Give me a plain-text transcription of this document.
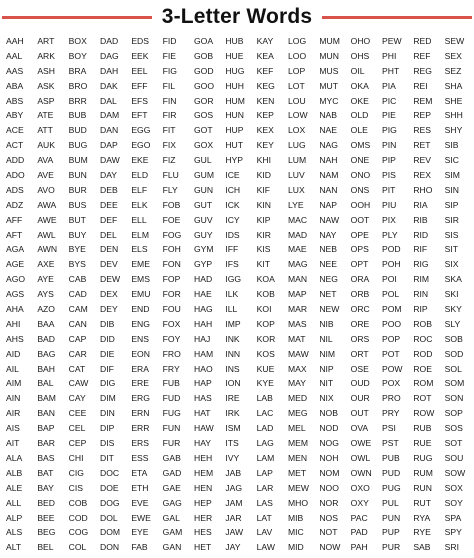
3-Letter Words
AAH
AAL
AAS
ABA
ABS
ABY
ACE
ACT
ADD
ADO
ADS
ADZ
AFF
AFT
AGA
AGE
AGO
AGS
AHA
AHI
AHS
AID
AIL
AIM
AIN
AIR
AIS
AIT
ALA
ALB
ALE
ALL
ALP
ALS
ALT
ART
ARK
ASH
ASK
ASP
ATE
ATT
AUK
AVA
AVE
AVO
AWA
AWE
AWL
AWN
AXE
AYE
AYS
AZO
BAA
BAD
BAG
BAH
BAL
BAM
BAN
BAP
BAR
BAS
BAT
BAY
BED
BEE
BEG
BEL
BOX
BOY
BRA
BRO
BRR
BUB
BUD
BUG
BUM
BUN
BUR
BUS
BUT
BUY
BYE
BYS
CAB
CAD
CAM
CAN
CAP
CAR
CAT
CAW
CAY
CEE
CEL
CEP
CHI
CIG
CIS
COB
COD
COG
COL
DAD
DAG
DAH
DAK
DAL
DAM
DAN
DAP
DAW
DAY
DEB
DEE
DEF
DEL
DEN
DEV
DEW
DEX
DEY
DIB
DID
DIE
DIF
DIG
DIM
DIN
DIP
DIS
DIT
DOC
DOE
DOG
DOL
DOM
DON
EDS
EEK
EEL
EFF
EFS
EFT
EGG
EGO
EKE
ELD
ELF
ELK
ELL
ELM
ELS
EME
EMS
EMU
END
ENG
ENS
EON
ERA
ERE
ERG
ERN
ERR
ERS
ESS
ETA
ETH
EVE
EWE
EYE
FAB
FID
FIE
FIG
FIL
FIN
FIR
FIT
FIX
FIZ
FLU
FLY
FOB
FOE
FOG
FOH
FON
FOP
FOR
FOU
FOX
FOY
FRO
FRY
FUB
FUD
FUG
FUN
FUR
GAB
GAD
GAE
GAG
GAL
GAM
GAN
GOA
GOB
GOD
GOO
GOR
GOS
GOT
GOX
GUL
GUM
GUN
GUT
GUV
GUY
GYM
GYP
HAD
HAE
HAG
HAH
HAJ
HAM
HAO
HAP
HAS
HAT
HAW
HAY
HEH
HEM
HEN
HEP
HER
HES
HET
HUB
HUE
HUG
HUH
HUM
HUN
HUP
HUT
HYP
ICE
ICH
ICK
ICY
IDS
IFF
IFS
IGG
ILK
ILL
IMP
INK
INN
INS
ION
IRE
IRK
ISM
ITS
IVY
JAB
JAG
JAM
JAR
JAW
JAY
KAY
KEA
KEF
KEG
KEN
KEP
KEX
KEY
KHI
KID
KIF
KIN
KIP
KIR
KIS
KIT
KOA
KOB
KOI
KOP
KOR
KOS
KUE
KYE
LAB
LAC
LAD
LAG
LAM
LAP
LAR
LAS
LAT
LAV
LAW
LOG
LOO
LOP
LOT
LOU
LOW
LOX
LUG
LUM
LUV
LUX
LYE
MAC
MAD
MAE
MAG
MAN
MAP
MAR
MAS
MAT
MAW
MAX
MAY
MED
MEG
MEL
MEM
MEN
MET
MEW
MHO
MIB
MIC
MID
MUM
MUN
MUS
MUT
MYC
NAB
NAE
NAG
NAH
NAM
NAN
NAP
NAW
NAY
NEB
NEE
NEG
NET
NEW
NIB
NIL
NIM
NIP
NIT
NIX
NOB
NOD
NOG
NOH
NOM
NOO
NOR
NOS
NOT
NOW
OHO
OHS
OIL
OKA
OKE
OLD
OLE
OMS
ONE
ONO
ONS
OOH
OOT
OPE
OPS
OPT
ORA
ORB
ORC
ORE
ORS
ORT
OSE
OUD
OUR
OUT
OVA
OWE
OWL
OWN
OXO
OXY
PAC
PAD
PAH
PEW
PHI
PHT
PIA
PIC
PIE
PIG
PIN
PIP
PIS
PIT
PIU
PIX
PLY
POD
POH
POI
POL
POM
POO
POP
POT
POW
POX
PRO
PRY
PSI
PST
PUB
PUD
PUG
PUL
PUN
PUP
PUR
RED
REF
REG
REI
REM
REP
RES
RET
REV
REX
RHO
RIA
RIB
RID
RIF
RIG
RIM
RIN
RIP
ROB
ROC
ROD
ROE
ROM
ROT
ROW
RUB
RUE
RUG
RUM
RUN
RUT
RYA
RYE
SAB
SEW
SEX
SEZ
SHA
SHE
SHH
SHY
SIB
SIC
SIM
SIN
SIP
SIR
SIS
SIT
SIX
SKA
SKI
SKY
SLY
SOB
SOD
SOL
SOM
SON
SOP
SOS
SOT
SOU
SOW
SOX
SOY
SPA
SPY
SRI
